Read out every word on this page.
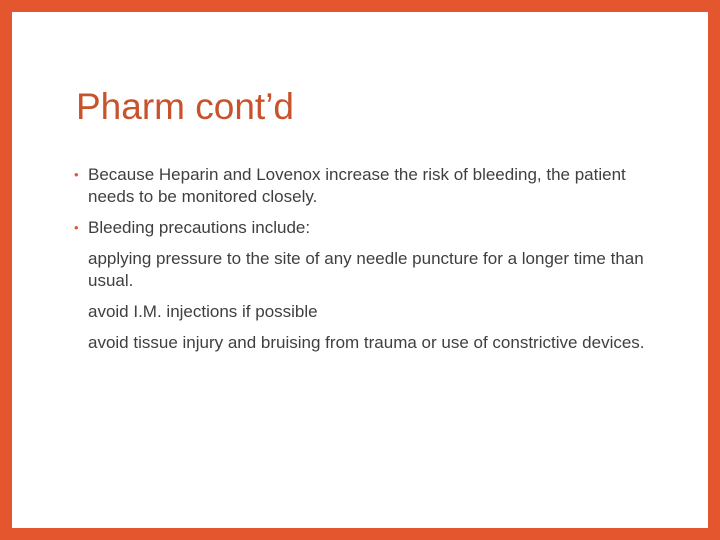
Pharm cont’d
• Because Heparin and Lovenox increase the risk of bleeding, the patient needs to be monitored closely.
• Bleeding precautions include:
applying pressure to the site of any needle puncture for a longer time than usual.
avoid I.M. injections if possible
avoid tissue injury and bruising from trauma or use of constrictive devices.
